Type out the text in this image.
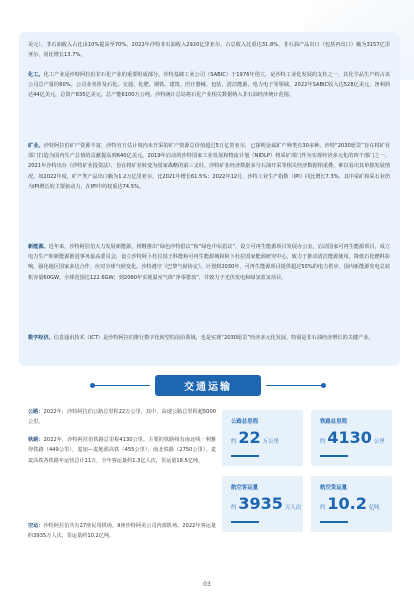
美元），非石油收入占比由10%提高至70%。2022年沙特非石油收入2920亿里亚尔，占总收入比重达31.8%，非石油产品出口（包括再出口）额为3157亿里亚尔，同比增长13.7%。

化工。化工产业是沙特阿拉伯非石化产业的重要组成部分。沙特基础工业公司（SABIC）于1976年创立，是沙特工业化发展的支柱之一，其化学品生产约占该公司总产量的60%。公司业务涉及石化、交通、化肥、钢铁、建筑、医疗器械、包装、清洁能源、电力电子等领域。2022年SABIC收入达528亿美元，净利润达44亿美元，总资产835亿美元，总产能6100万公吨。沙特统计总局将石化产业相关数据纳入非石油经济统计范围。

矿业。沙特阿拉伯矿产资源丰富，沙特官方估计境内未开采的矿产资源总价值超过5万亿里亚尔，已探明金属矿产种类有30多种。沙特“2030愿景”旨在将矿业部门打造为国内生产总值的贡献提高到640亿美元。2019年启动的沙特国家工业发展和物流计划（NIDLP）将采矿部门作为实现经济多元化的四个部门之一。2021年沙特出台《沙特矿业投资法》，旨在将矿业转变为国家战略的第三支柱。沙特矿业经济数据多与石油开采等相关经济数据相重叠，难以看出其单独发展情况。如2022年度，矿产类产品出口额为1.2万亿里亚尔，比2021年增长61.5%；2022年12月，沙特工业生产指数（IPI）同比增长7.3%，其中采矿和采石业仍为IPI增长的主要驱动力，在IPI中的权重达74.5%。

新能源。近年来，沙特阿拉伯大力发展新能源，相继推出“绿色沙特倡议”和“绿色中东倡议”，设立可再生能源项目发展办公室，启动国家可再生能源项目，成立电力生产和新能源推进事务最高委员会，设立沙特阿卜杜拉国王科能和可再生能源城和阿卜杜拉国家能源研究中心，致力于推动清洁能源使用，降低石化燃料影响，强化地区国家多边合作，应对全球气候变化。沙特遵守《巴黎气候协定》。计划到2030年，可再生能源项目提供超过50%的电力供应，国内新能源发电总装机容量60GW，全球范围达122.6GW；到2060年实现温室气体“净零排放”，并致力于光伏发电和绿氢蓝氢项目。

数字经济。信息通讯技术（ICT）是沙特阿拉伯推行数字化转型的前沿领域，也是实现“2030愿景”经济多元化发展，特别是非石油经济增长的关键产业。

交通运输

公路：2022年，沙特阿拉伯公路总里程22万公里，其中，高速公路总里程超5000公里。

铁路：2022年，沙特阿拉伯铁路总里程4130公里。主要的铁路线有南北线一利雅得铁路（449公里），麦加—麦地那高铁（455公里），南北铁路（2750公里）。麦麦高铁各铁路年运营总计11万，全年客运量约1.3亿人次，货运量18.5亿吨。

空运：沙特阿拉伯共有27座民用机场，9座沙特阿美公司内部机场。2022年客运量约3935万人次，货运量约10.2亿吨。

公路总里程
约 22 万公里
铁路总里程
约 4130 公里
航空客运量
约 3935 万人次
航空货运量
约 10.2 亿吨
03
